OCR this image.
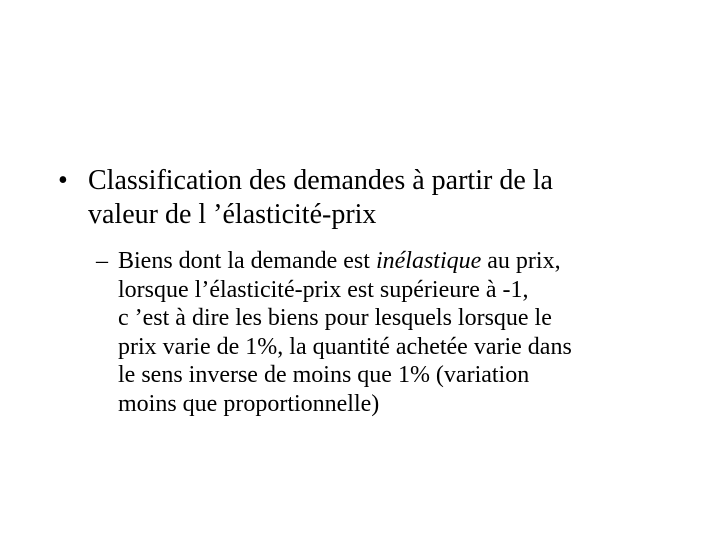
• Classification des demandes à partir de la
valeur de l ’élasticité-prix
– Biens dont la demande est inélastique au prix,
lorsque l’élasticité-prix est supérieure à -1,
c ’est à dire les biens pour lesquels lorsque le
prix varie de 1%, la quantité achetée varie dans
le sens inverse de moins que 1% (variation
moins que proportionnelle)
